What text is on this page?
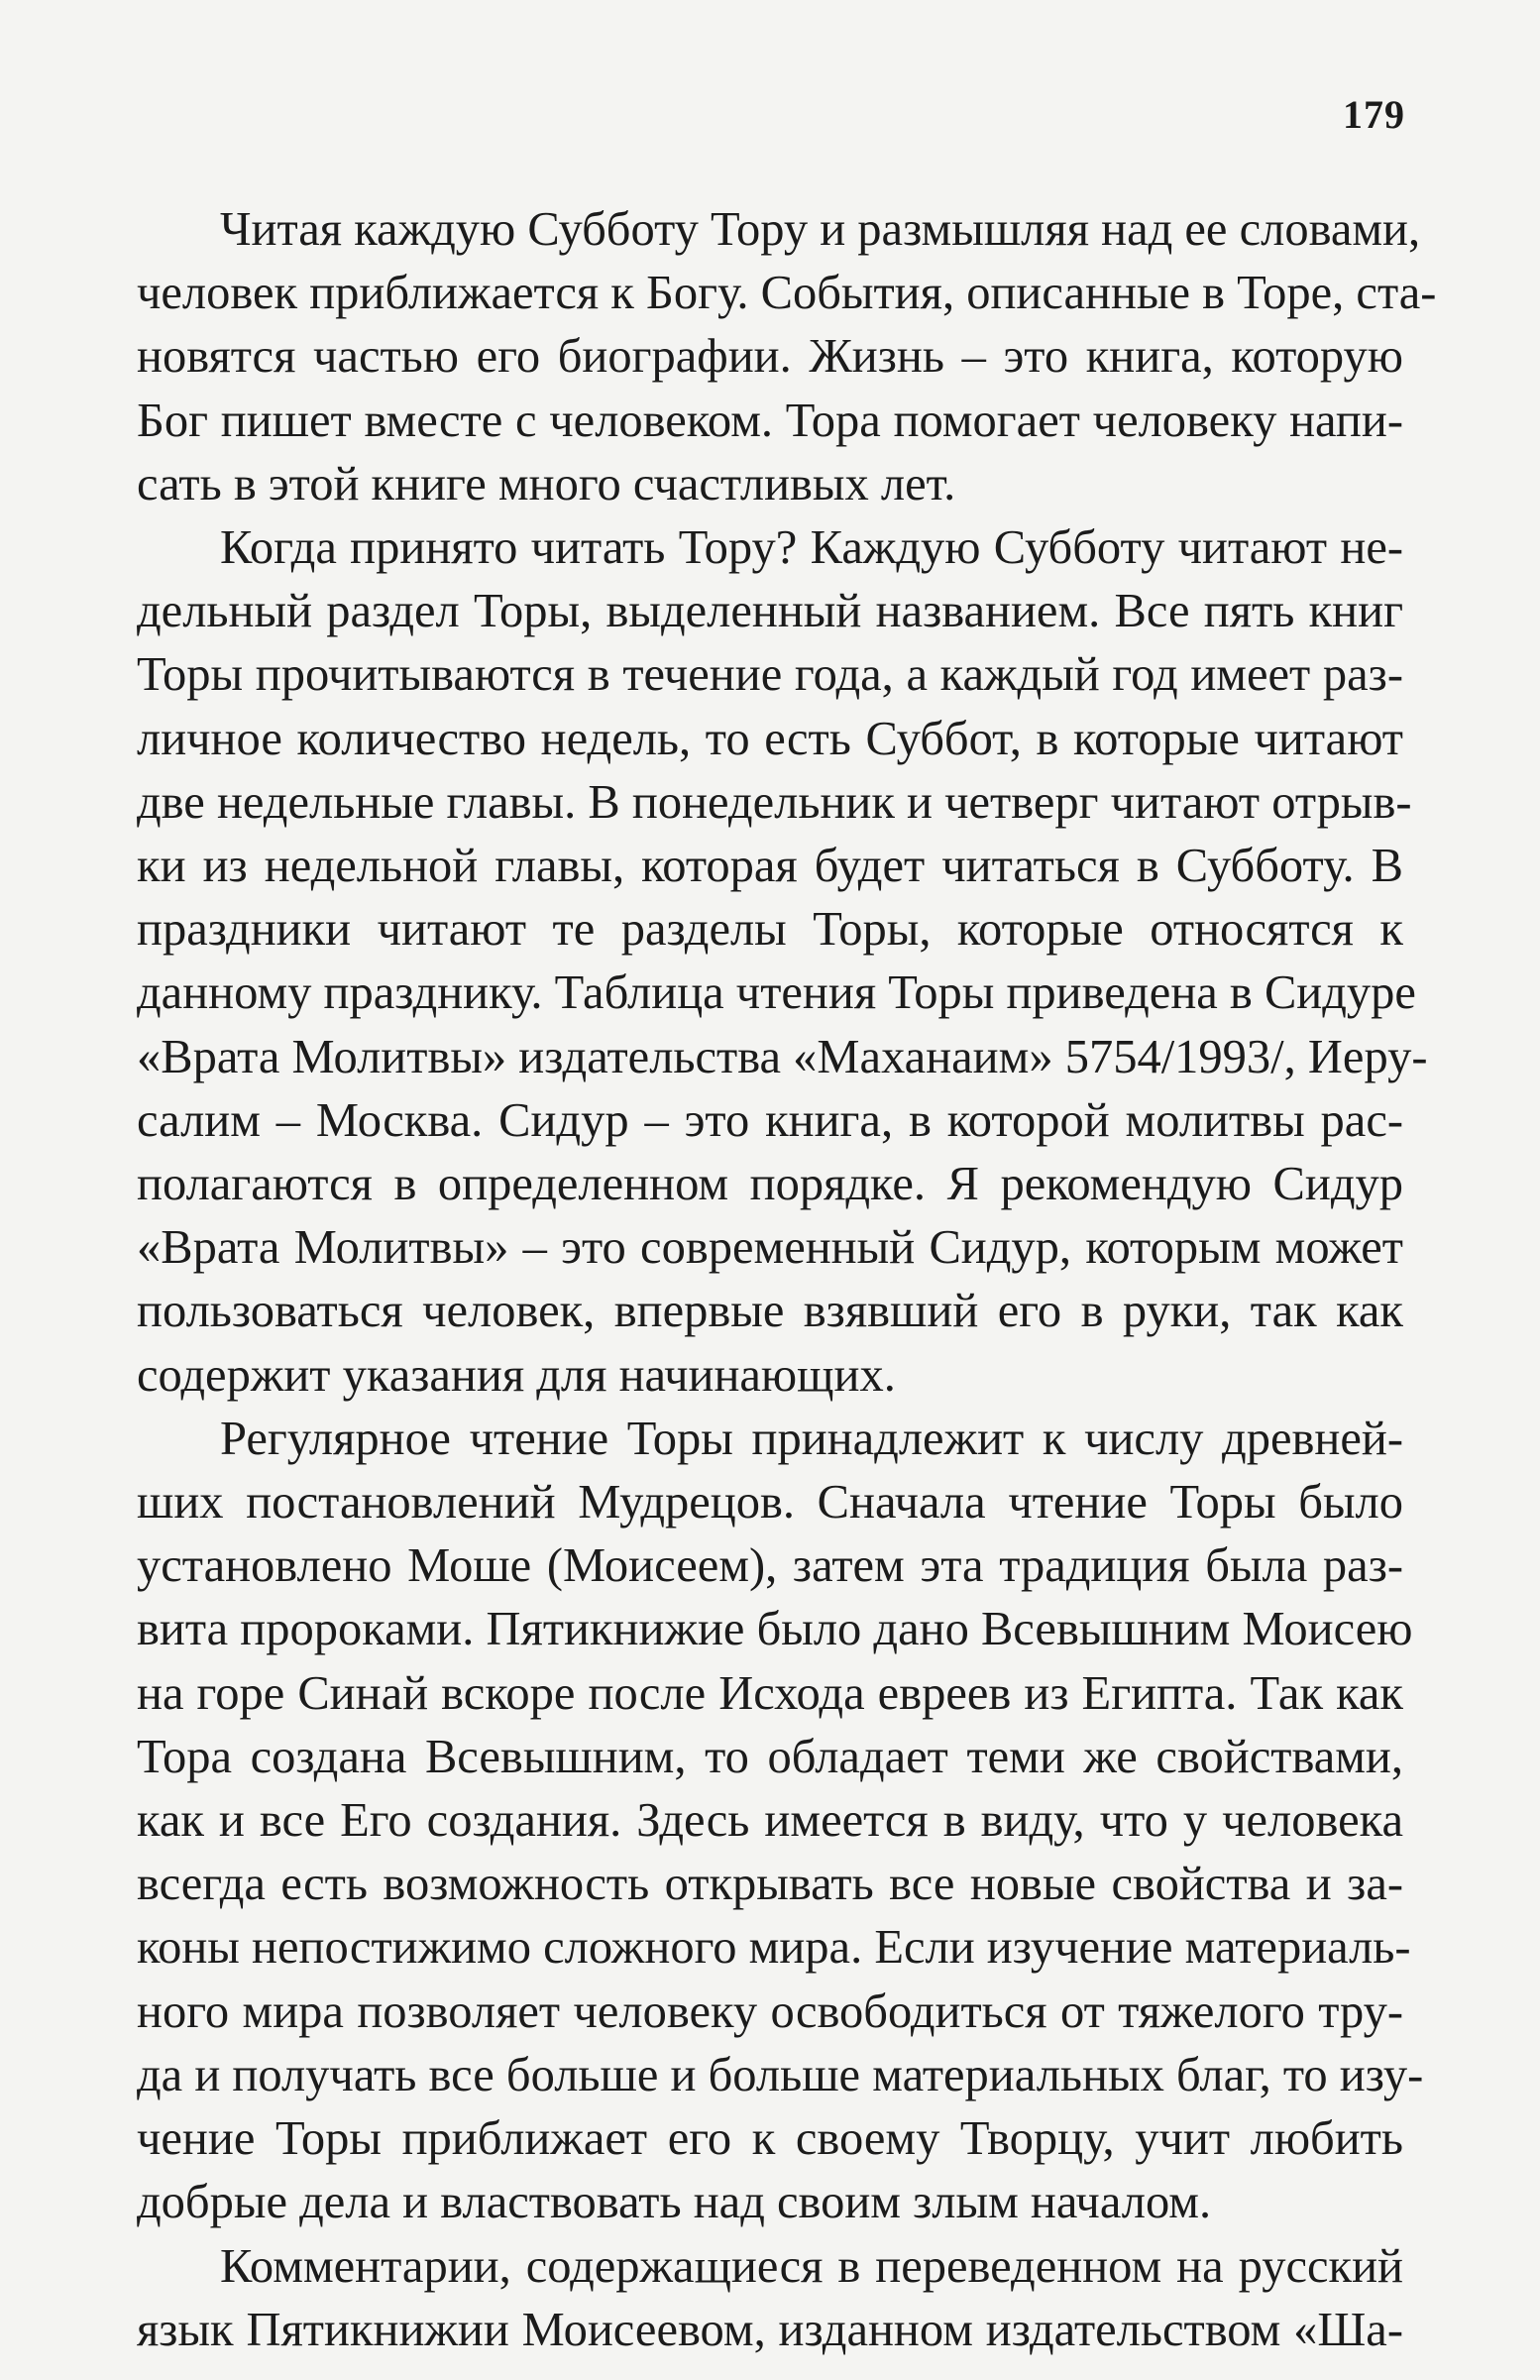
179

Читая каждую Субботу Тору и размышляя над ее словами,
человек приближается к Богу. События, описанные в Торе, ста-
новятся частью его биографии. Жизнь – это книга, которую
Бог пишет вместе с человеком. Тора помогает человеку напи-
сать в этой книге много счастливых лет.

Когда принято читать Тору? Каждую Субботу читают не-
дельный раздел Торы, выделенный названием. Все пять книг
Торы прочитываются в течение года, а каждый год имеет раз-
личное количество недель, то есть Суббот, в которые читают
две недельные главы. В понедельник и четверг читают отрыв-
ки из недельной главы, которая будет читаться в Субботу. В
праздники читают те разделы Торы, которые относятся к
данному празднику. Таблица чтения Торы приведена в Сидуре
«Врата Молитвы» издательства «Маханаим» 5754/1993/, Иеру-
салим – Москва. Сидур – это книга, в которой молитвы рас-
полагаются в определенном порядке. Я рекомендую Сидур
«Врата Молитвы» – это современный Сидур, которым может
пользоваться человек, впервые взявший его в руки, так как
содержит указания для начинающих.

Регулярное чтение Торы принадлежит к числу древней-
ших постановлений Мудрецов. Сначала чтение Торы было
установлено Моше (Моисеем), затем эта традиция была раз-
вита пророками. Пятикнижие было дано Всевышним Моисею
на горе Синай вскоре после Исхода евреев из Египта. Так как
Тора создана Всевышним, то обладает теми же свойствами,
как и все Его создания. Здесь имеется в виду, что у человека
всегда есть возможность открывать все новые свойства и за-
коны непостижимо сложного мира. Если изучение материаль-
ного мира позволяет человеку освободиться от тяжелого тру-
да и получать все больше и больше материальных благ, то изу-
чение Торы приближает его к своему Творцу, учит любить
добрые дела и властвовать над своим злым началом.

Комментарии, содержащиеся в переведенном на русский
язык Пятикнижии Моисеевом, изданном издательством «Ша-
